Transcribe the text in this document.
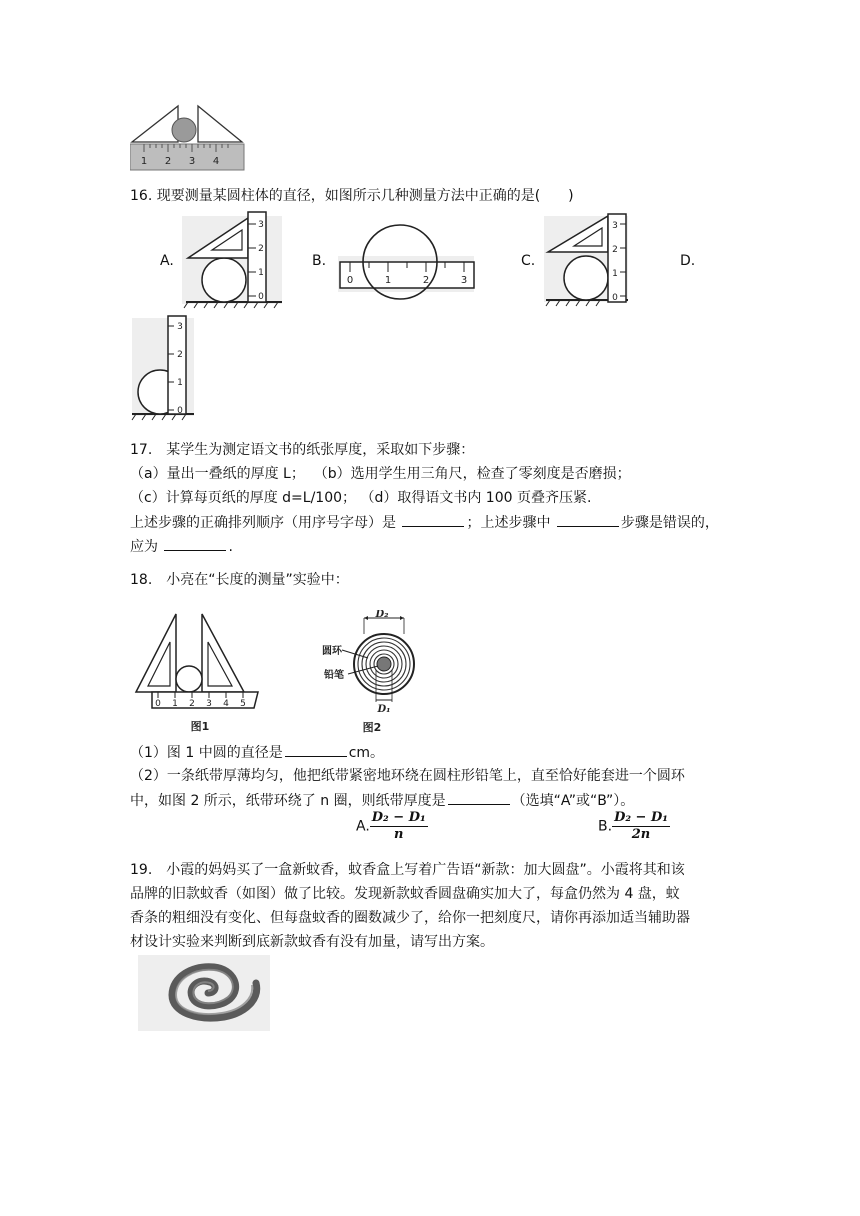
1 2 3 4
16. 现要测量某圆柱体的直径，如图所示几种测量方法中正确的是(　　)
A.
0
1
2
3
B.
0	1	2	3
C.
0
1
2
3
D.
0
1
2
3
17.　某学生为测定语文书的纸张厚度，采取如下步骤：
（a）量出一叠纸的厚度 L； （b）选用学生用三角尺，检查了零刻度是否磨损；
（c）计算每页纸的厚度 d=L/100； （d）取得语文书内 100 页叠齐压紧.
上述步骤的正确排列顺序（用序号字母）是	；上述步骤中	步骤是错误的，
应为	.
18.　小亮在“长度的测量”实验中：
0 1 2 3 4 5
图1
D₂
圆环
铅笔
D₁
图2
（1）图 1 中圆的直径是	cm。
（2）一条纸带厚薄均匀，他把纸带紧密地环绕在圆柱形铅笔上，直至恰好能套进一个圆环
中，如图 2 所示，纸带环绕了 n 圈，则纸带厚度是	（选填“A”或“B”）。
A. $\frac{\text{D₂ − D₁}}{n}$	B. $\frac{\text{D₂ − D₁}}{2n}$
19.　小霞的妈妈买了一盒新蚊香，蚊香盒上写着广告语“新款：加大圆盘”。小霞将其和该
品牌的旧款蚊香（如图）做了比较。发现新款蚊香圆盘确实加大了，每盒仍然为 4 盘，蚊
香条的粗细没有变化、但每盘蚊香的圈数减少了，给你一把刻度尺，请你再添加适当辅助器
材设计实验来判断到底新款蚊香有没有加量，请写出方案。
